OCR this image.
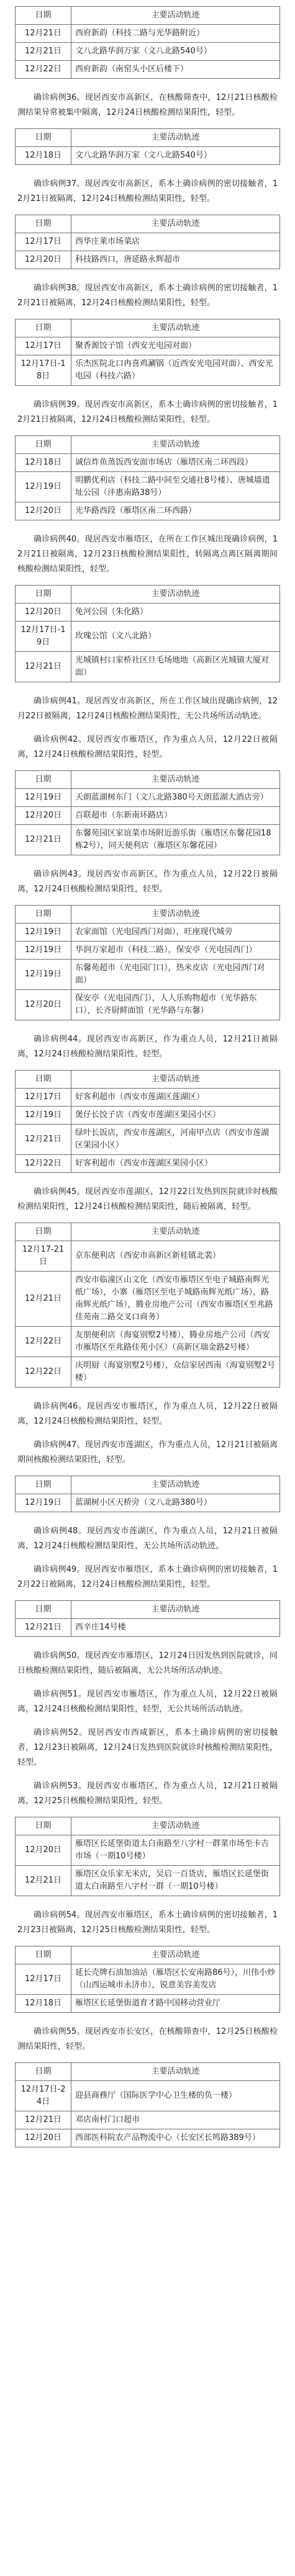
日期	主要活动轨迹
12月21日	西府新韵（科技二路与光华路附近）
12月21日	文八北路华润万家（文八北路540号）
12月22日	西府新韵（南窑头小区后楼下）

确诊病例36。现居西安市高新区，在核酸筛查中，12月21日核酸检测结果异常被集中隔离，12月24日核酸检测结果阳性，轻型。

日期	主要活动轨迹
12月18日	文八北路华润万家（文八北路540号）

确诊病例37。现居西安市高新区，系本土确诊病例的密切接触者，12月21日被隔离，12月24日核酸检测结果阳性，轻型。

日期	主要活动轨迹
12月17日	西华庄莱市场菜店
12月20日	科技路西口，唐延路永辉超市

确诊病例38。现居西安市高新区，系本土确诊病例的密切接触者，12月21日被隔离，12月24日核酸检测结果阳性，轻型。

日期	主要活动轨迹
12月17日	聚香源饺子馆（西安光电园对面）
12月17日-18日	乐杰医院北口冉喜鸡涮锅（近西安光电园对面）、西安光电园（科技六路）

确诊病例39。现居西安市高新区，系本土确诊病例的密切接触者，12月21日被隔离，12月24日核酸检测结果阳性，轻型。

日期	主要活动轨迹
12月18日	诚信炸鱼蒸饭西安面市场店（雁塔区南二环西段）
12月19日	明鹏优利店（科技二路中间至交通社8号楼）、唐城墙遗址公园（沣惠南路38号）
12月20日	光华路西段（雁塔区南二环西路）

确诊病例40。现居西安市雁塔区，在所在工作区城出现确诊病例，12月21日被隔离，12月23日核酸检测结果阳性，转隔离点离区隔离期间核酸检测结果阳性，轻型。

日期	主要活动轨迹
12月20日	免河公园（朱化路）
12月17日-19日	玫瑰公馆（文八北路）
12月21日	光城镇村口家桥社区旦毛场地地（高新区光城镇大厦对面）

确诊病例41。现居西安市高新区，所在工作区域出现确诊病例，12月22日被隔离，12月24日核酸检测结果阳性，无公共场所活动轨迹。

确诊病例42。现居西安市雁塔区，作为重点人员，12月22日被隔离，12月24日核酸检测结果阳性，轻型。

日期	主要活动轨迹
12月19日	天朗蓝湖树东门（文八北路380号天朗蓝湖大酒店旁）
12月20日	百联超市（东新南环路店）
12月21日	东馨苑园区家谊菜市场附近游乐街（雁塔区东馨花园18栋2号），同天便利店（雁塔区东馨花园）

确诊病例43。现居西安市高新区，作为重点人员，12月22日被隔离，12月24日核酸检测结果阳性，轻型。

日期	主要活动轨迹
12月19日	农家面馆（光电园西门对面），旺座现代城旁
12月19日	华润万家超市（科技二路），保安亭（光电园西门）
12月19日	东馨苑超市（光电园门口），热米皮店（光电园西门对面）
12月20日	保安亭（光电园西门），人人乐购物超市（光华路东口），长齐厨鲜面馆（光华路与东馨）

确诊病例44。现居西安市高新区，作为重点人员，12月21日被隔离，12月24日核酸检测结果阳性，轻型。

日期	主要活动轨迹
12月17日	好客利超市（西安市莲湖区莲湖区）
12月19日	煲仔长饺子店（西安市莲湖区果园小区）
12月21日	绿叶长饭店，西安市莲湖区，河南甲点店（西安市莲湖区果园小区）
12月22日	好客利超市（西安市莲湖区果园小区）

确诊病例45。现居西安市莲湖区，12月22日发热到医院就诊时核酸检测结果阳性，12月24日核酸检测结果阳性，随后被隔离，轻型。

日期	主要活动轨迹
12月17-21日	京东便利店（西安市高新区新桂镇北裴）
12月21日	西安市临潼区山文化（西安市雁塔区至电子城路南辉光纸广场），小寨（雁塔区至电子城路南辉光纸广场），路南辉光纸广场），腾业房地产公司（西安市雁塔区至兆路佳苑南二路交叉口商务）
12月22日	友朋便利店（海宴别墅2号楼），腾业房地产公司（西安市雁塔区至兆路佳苑小区）（高新区瑞金路2号楼）
12月22日	庆明厨（海宴别墅2号楼），众信家居西南（海宴别墅2号楼）

确诊病例46。现居西安市雁塔区，作为重点人员，12月22日被隔离，12月24日核酸检测结果阳性，轻型。

确诊病例47。现居西安市莲湖区，作为重点人员，12月21日被隔离期间核酸检测结果阳性，轻型。

日期	主要活动轨迹
12月19日	蓝湖树小区天桥旁（文八北路380号）

确诊病例48。现居西安市莲湖区，作为重点人员，12月21日被隔离，12月24日核酸检测结果阳性，无公共场所活动轨迹。

确诊病例49。现居西安市雁塔区，系本土确诊病例的密切接触者，12月22日被隔离，12月24日核酸检测结果阳性，轻型。

日期	主要活动轨迹
12月21日	西辛庄14号楼

确诊病例50。现居西安市雁塔区，12月24日因发热到医院就诊，同日核酸检测结果阳性，随后被隔离，无公共场所活动轨迹。

确诊病例51。现居西安市雁塔区，作为重点人员，12月22日被隔离，12月24日核酸检测结果阳性，轻型，无公共场所活动轨迹。

确诊病例52。现居西安市西咸新区，系本土确诊病例的密切接触者，12月23日被隔离，12月24日发热到医院就诊时核酸检测结果阳性，轻型。

确诊病例53。现居西安市雁塔区，作为重点人员，12月21日被隔离，12月25日核酸检测结果阳性，轻型。

日期	主要活动轨迹
12月20日	雁塔区长延堡街道太白南路至八字村一群菜市场至卡吉市场（一期10号楼）
12月21日	雁塔区众乐家无米店，吴启一百货店，雁塔区长延堡街道太白南路至八字村一群（一期10号楼）

确诊病例54。现居西安市雁塔区，系本土确诊病例的密切接触者，12月23日被隔离，12月25日核酸检测结果阳性，轻型。

日期	主要活动轨迹
12月17日	延长壳牌石油加油站（雁塔区长安南路86号），川伟小炒（山西运城市永济市），锐意美容美发店
12月18日	雁塔区长延堡街道育才路中国移动营业厅

确诊病例55。现居西安市长安区，在核酸筛查中，12月25日核酸检测结果阳性，轻型。

日期	主要活动轨迹
12月17日-24日	迎县商務厅（国际医学中心卫生楼的负一楼）
12月21日	邓店南村门口超市
12月20日	西部医科院农产品物流中心（长安区长鸣路389号）
